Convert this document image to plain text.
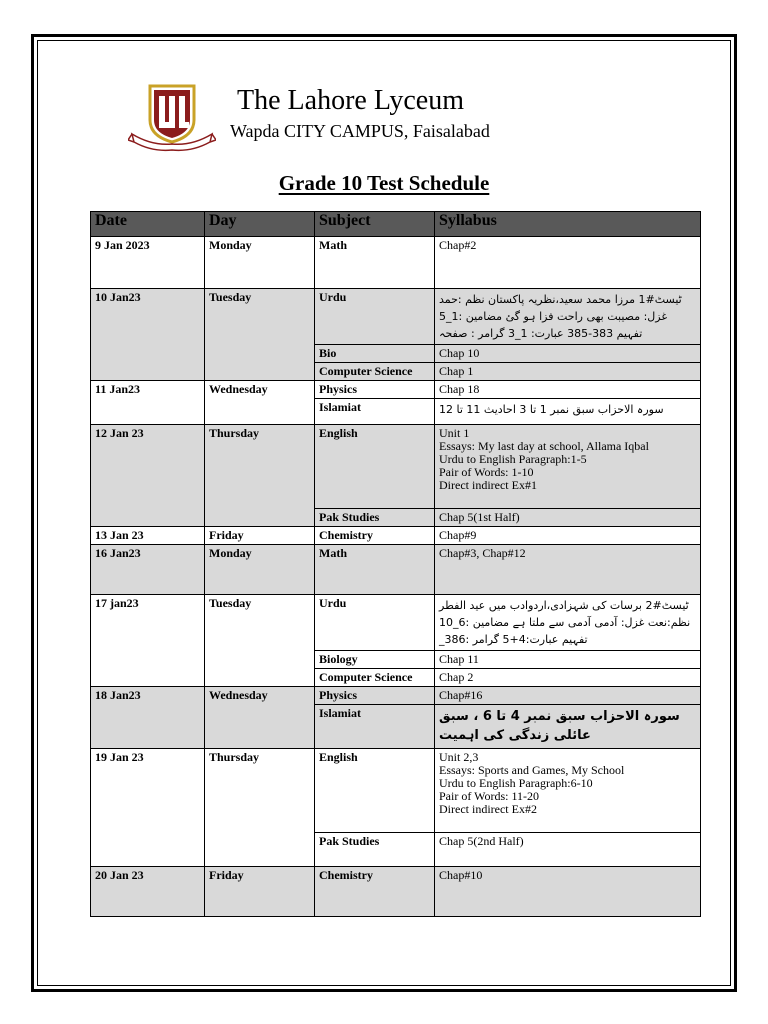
The Lahore Lyceum
Wapda CITY CAMPUS, Faisalabad
Grade 10 Test Schedule
Date	Day	Subject	Syllabus
9 Jan 2023	Monday	Math	Chap#2
10 Jan23	Tuesday	Urdu	ٹیسٹ#1 مرزا محمد سعید،نظریہ پاکستان نظم :حمد غزل: مصیبت بھی راحت فزا ہو گئ مضامین :1_5 تفہیم 383-385 عبارت: 1_3 گرامر : صفحہ
		Bio	Chap 10
		Computer Science	Chap 1
11 Jan23	Wednesday	Physics	Chap 18
		Islamiat	سورہ الاحزاب سبق نمبر 1 تا 3 احادیث 11 تا 12
12 Jan 23	Thursday	English	Unit 1
Essays: My last day at school, Allama Iqbal
Urdu to English Paragraph:1-5
Pair of Words: 1-10
Direct indirect Ex#1
		Pak Studies	Chap 5(1st Half)
13 Jan 23	Friday	Chemistry	Chap#9
16 Jan23	Monday	Math	Chap#3, Chap#12
17 jan23	Tuesday	Urdu	ٹیسٹ#2 برسات کی شہزادی،اردوادب میں عید الفطر نظم:نعت غزل: آدمی آدمی سے ملتا ہے مضامین :6_10 تفہیم عبارت:4+5 گرامر :386_
		Biology	Chap 11
		Computer Science	Chap 2
18 Jan23	Wednesday	Physics	Chap#16
		Islamiat	سورہ الاحزاب سبق نمبر 4 تا 6 ، سبق عائلی زندگی کی اہمیت
19 Jan 23	Thursday	English	Unit 2,3
Essays: Sports and Games, My School
Urdu to English Paragraph:6-10
Pair of Words: 11-20
Direct indirect Ex#2
		Pak Studies	Chap 5(2nd Half)
20 Jan 23	Friday	Chemistry	Chap#10
